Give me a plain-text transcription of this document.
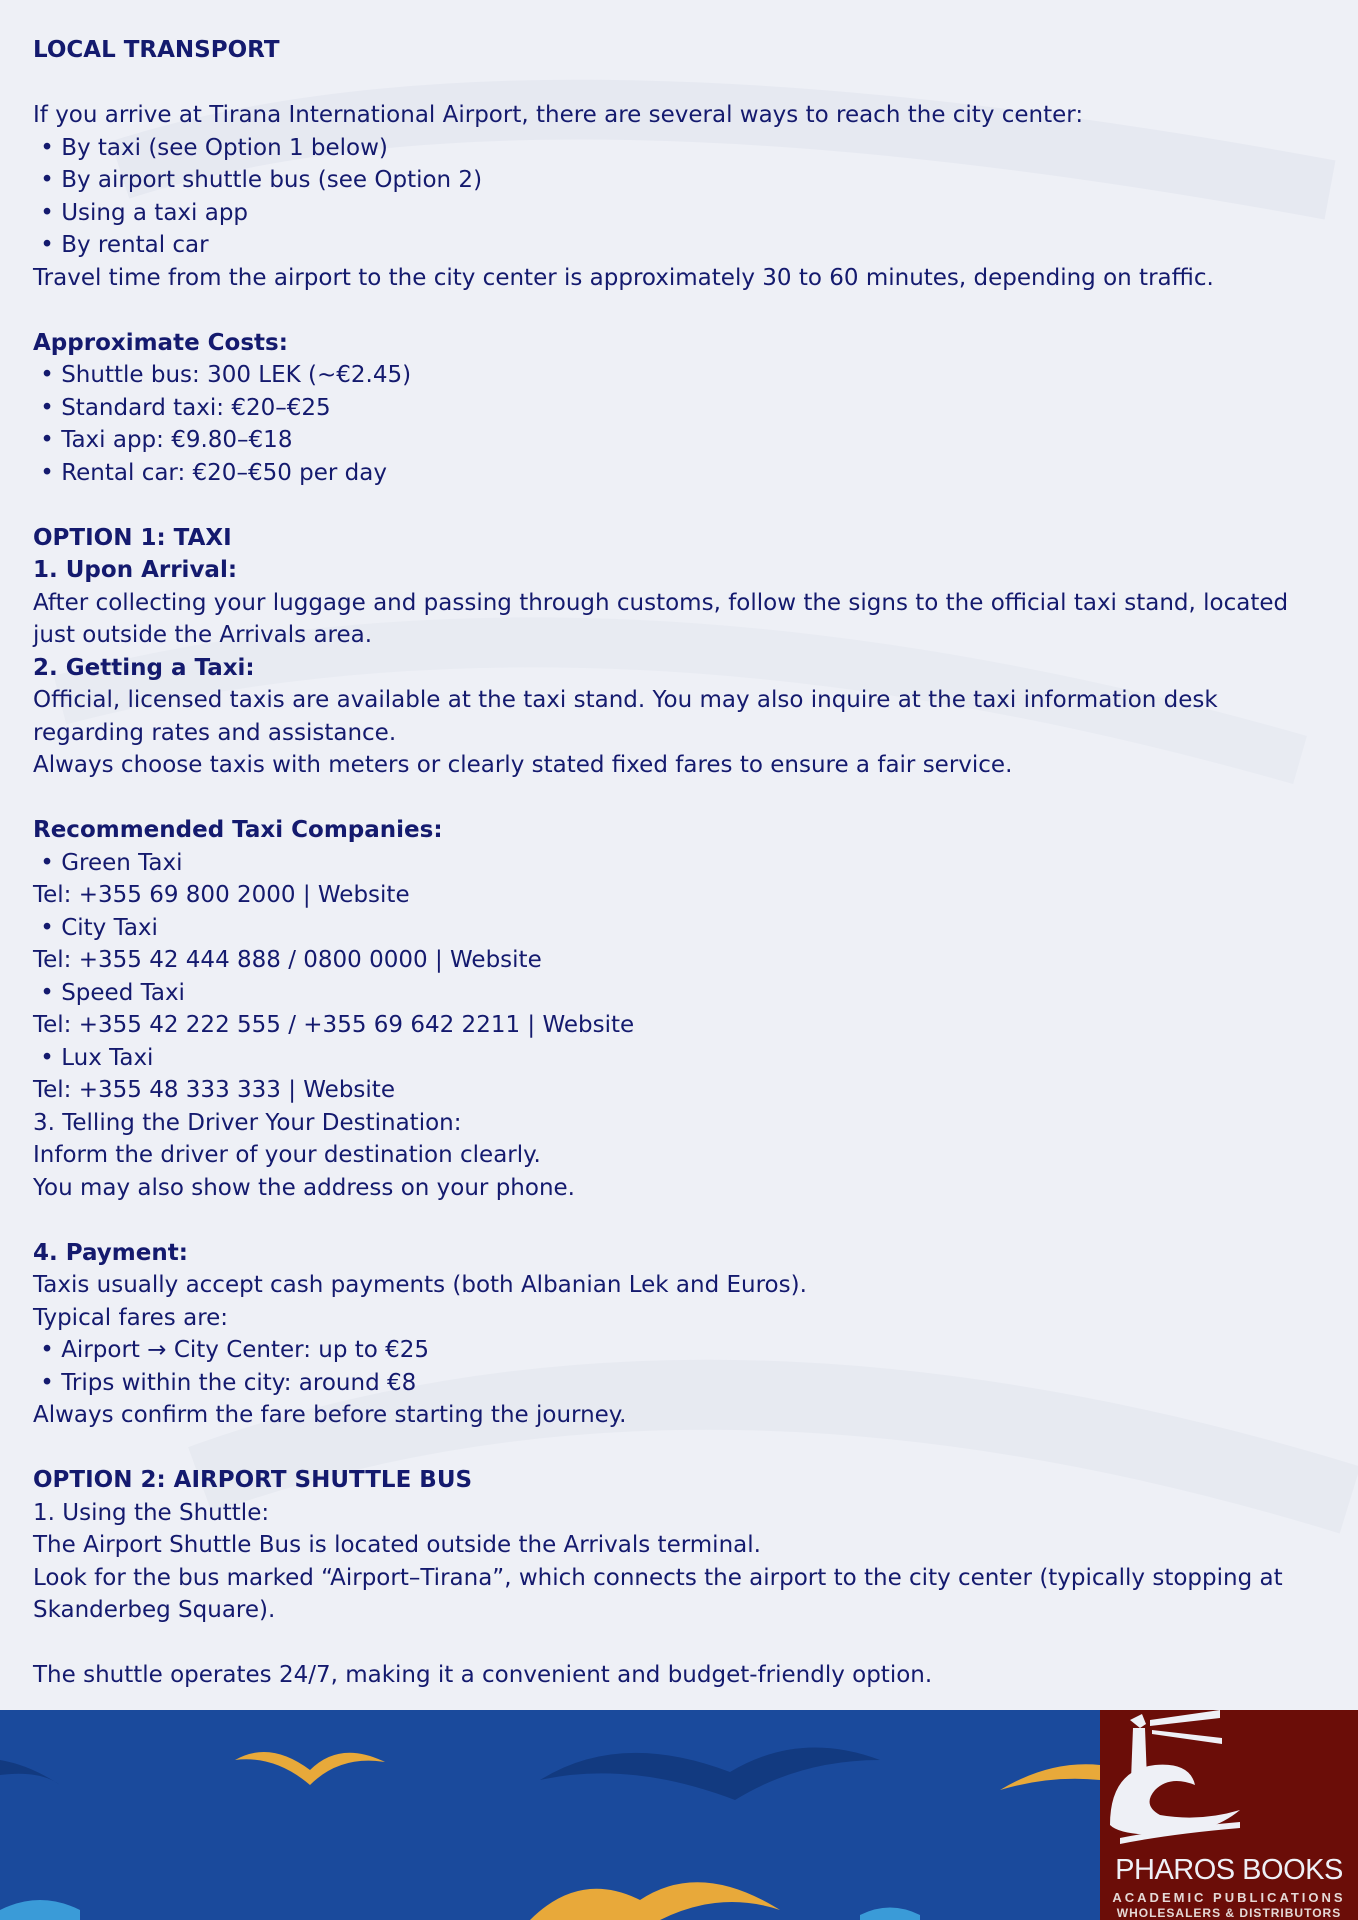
LOCAL TRANSPORT
If you arrive at Tirana International Airport, there are several ways to reach the city center:
• By taxi (see Option 1 below)
• By airport shuttle bus (see Option 2)
• Using a taxi app
• By rental car
Travel time from the airport to the city center is approximately 30 to 60 minutes, depending on traffic.
Approximate Costs:
• Shuttle bus: 300 LEK (~€2.45)
• Standard taxi: €20–€25
• Taxi app: €9.80–€18
• Rental car: €20–€50 per day
OPTION 1: TAXI
1. Upon Arrival:
After collecting your luggage and passing through customs, follow the signs to the official taxi stand, located just outside the Arrivals area.
2. Getting a Taxi:
Official, licensed taxis are available at the taxi stand. You may also inquire at the taxi information desk regarding rates and assistance.
Always choose taxis with meters or clearly stated fixed fares to ensure a fair service.
Recommended Taxi Companies:
• Green Taxi
Tel: +355 69 800 2000 | Website
• City Taxi
Tel: +355 42 444 888 / 0800 0000 | Website
• Speed Taxi
Tel: +355 42 222 555 / +355 69 642 2211 | Website
• Lux Taxi
Tel: +355 48 333 333 | Website
3. Telling the Driver Your Destination:
Inform the driver of your destination clearly.
You may also show the address on your phone.
4. Payment:
Taxis usually accept cash payments (both Albanian Lek and Euros).
Typical fares are:
• Airport → City Center: up to €25
• Trips within the city: around €8
Always confirm the fare before starting the journey.
OPTION 2: AIRPORT SHUTTLE BUS
1. Using the Shuttle:
The Airport Shuttle Bus is located outside the Arrivals terminal.
Look for the bus marked “Airport–Tirana”, which connects the airport to the city center (typically stopping at Skanderbeg Square).
The shuttle operates 24/7, making it a convenient and budget-friendly option.
PHAROS BOOKS
ACADEMIC PUBLICATIONS
WHOLESALERS & DISTRIBUTORS
